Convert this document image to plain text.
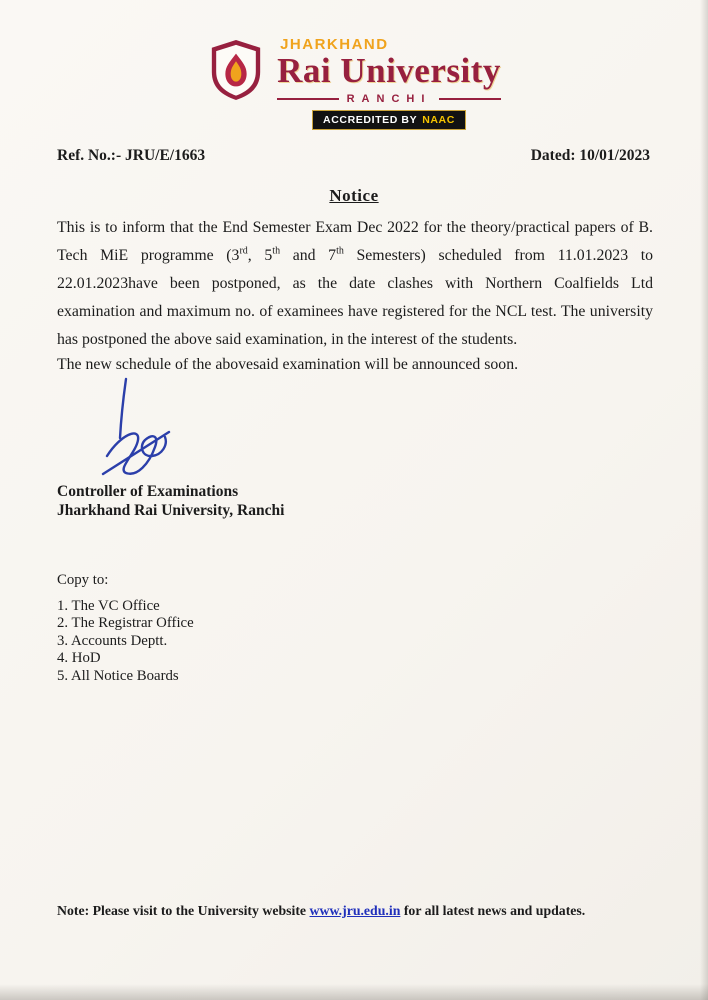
JHARKHAND
Rai University
RANCHI
ACCREDITED BY NAAC
Ref. No.:- JRU/E/1663	Dated: 10/01/2023
Notice

This is to inform that the End Semester Exam Dec 2022 for the theory/practical papers of B. Tech MiE programme (3rd, 5th and 7th Semesters) scheduled from 11.01.2023 to 22.01.2023have been postponed, as the date clashes with Northern Coalfields Ltd examination and maximum no. of examinees have registered for the NCL test. The university has postponed the above said examination, in the interest of the students.

The new schedule of the abovesaid examination will be announced soon.

Controller of Examinations
Jharkhand Rai University, Ranchi
Copy to:
1. The VC Office
2. The Registrar Office
3. Accounts Deptt.
4. HoD
5. All Notice Boards
Note: Please visit to the University website www.jru.edu.in for all latest news and updates.
